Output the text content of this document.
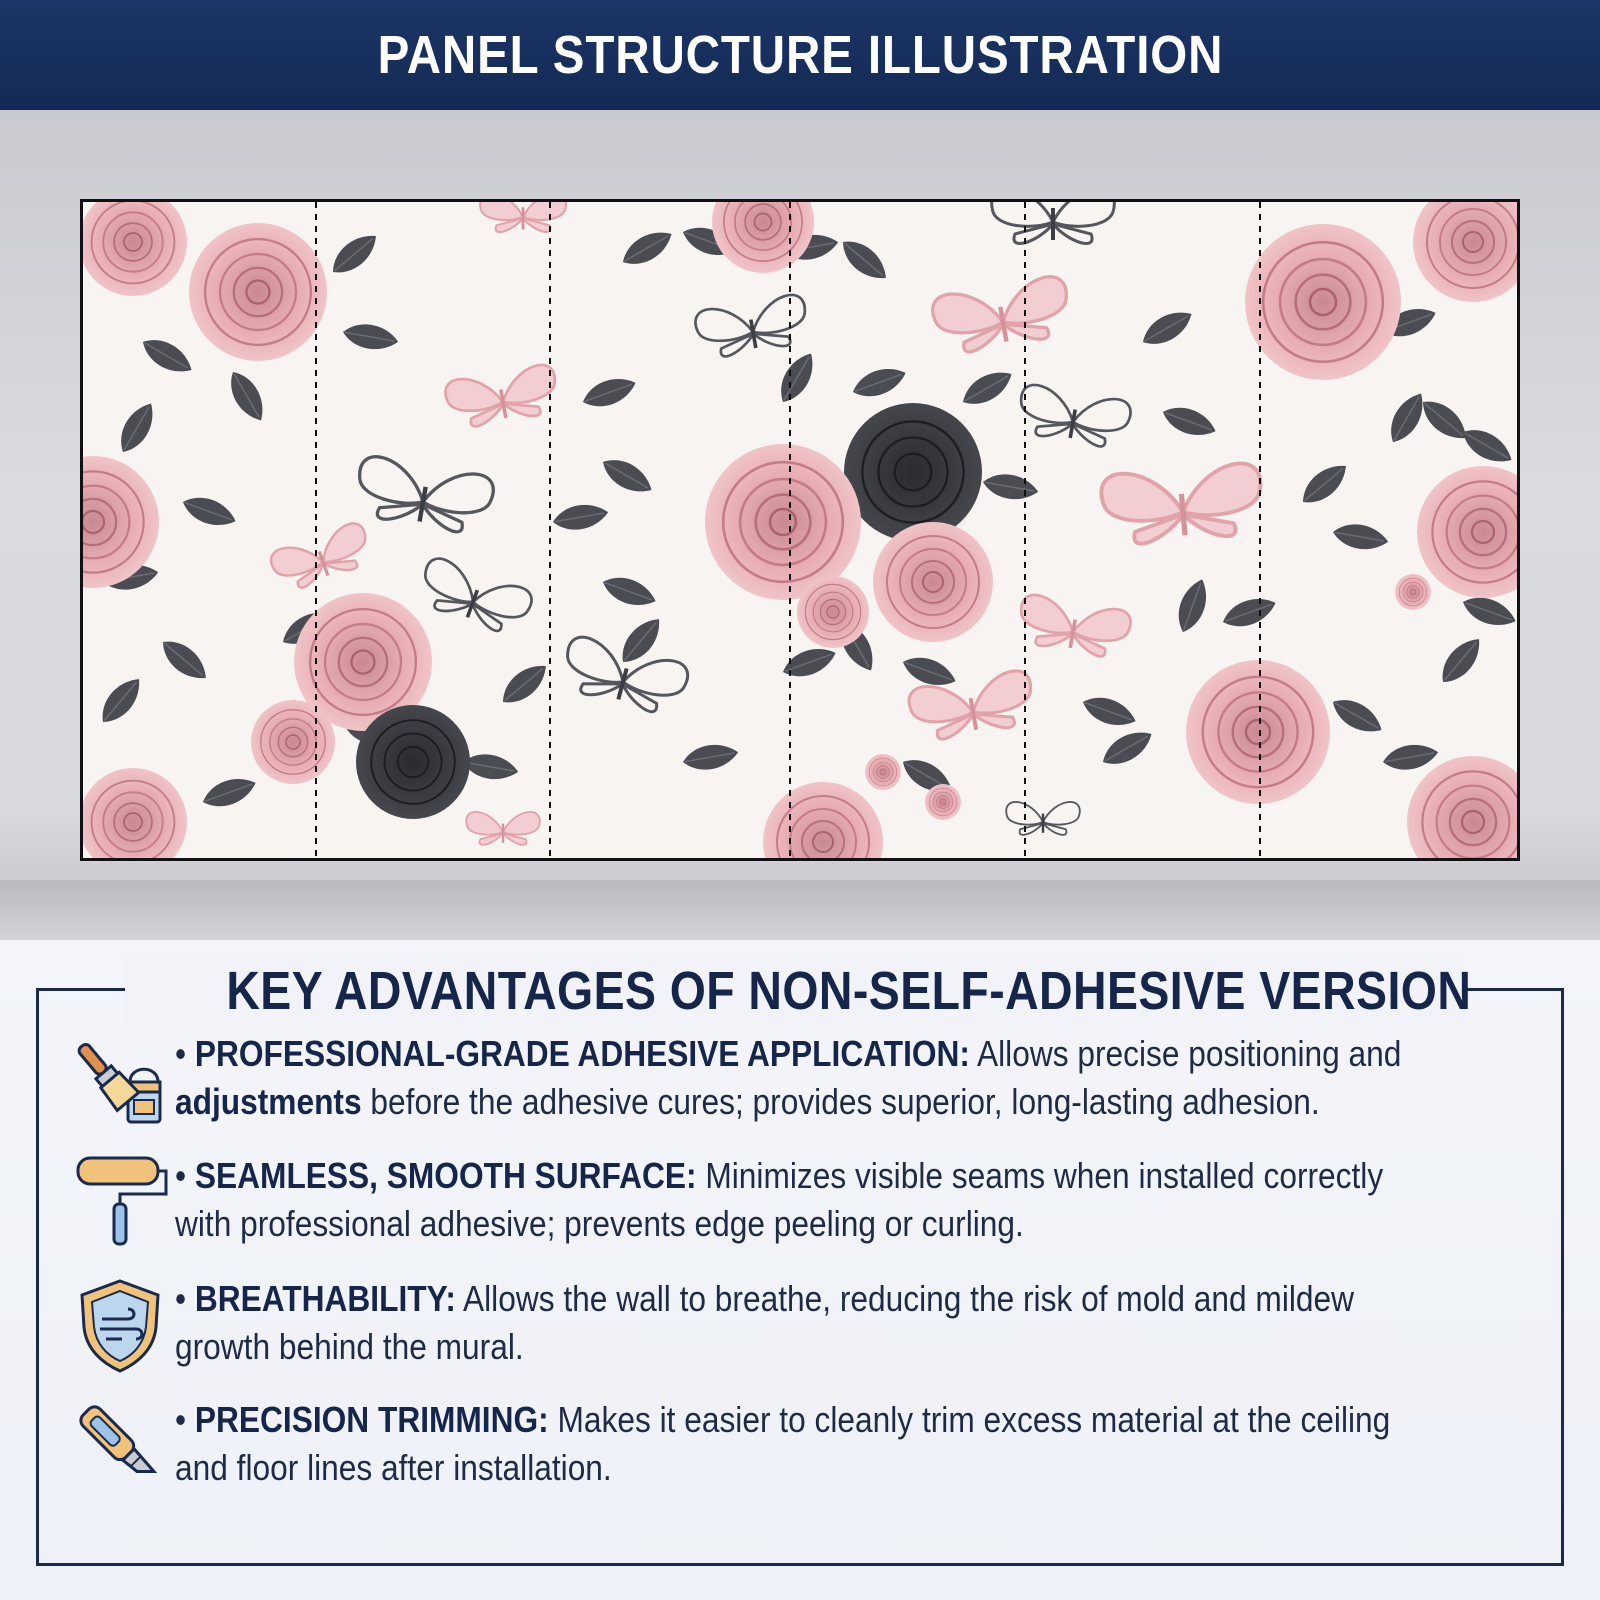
PANEL STRUCTURE ILLUSTRATION
KEY ADVANTAGES OF NON-SELF-ADHESIVE VERSION
• PROFESSIONAL-GRADE ADHESIVE APPLICATION: Allows precise positioning and adjustments before the adhesive cures; provides superior, long-lasting adhesion.
• SEAMLESS, SMOOTH SURFACE: Minimizes visible seams when installed correctly with professional adhesive; prevents edge peeling or curling.
• BREATHABILITY: Allows the wall to breathe, reducing the risk of mold and mildew growth behind the mural.
• PRECISION TRIMMING: Makes it easier to cleanly trim excess material at the ceiling and floor lines after installation.
